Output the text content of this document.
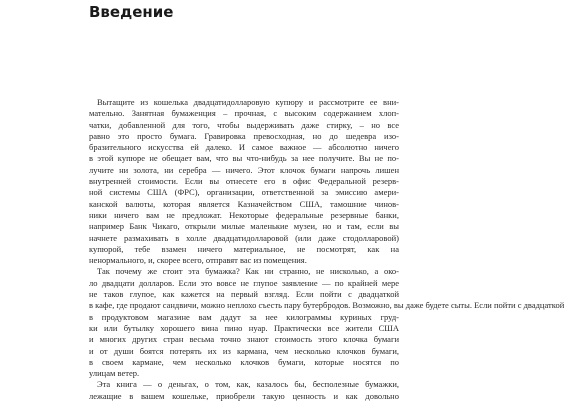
Введение
Вытащите из кошелька двадцатидолларовую купюру и рассмотрите ее вни-
мательно. Занятная бумаженция – прочная, с высоким содержанием хлоп-
чатки, добавленной для того, чтобы выдерживать даже стирку, – но все
равно это просто бумага. Гравировка превосходная, но до шедевра изо-
бразительного искусства ей далеко. И самое важное — абсолютно ничего
в этой купюре не обещает вам, что вы что-нибудь за нее получите. Вы не по-
лучите ни золота, ни серебра — ничего. Этот клочок бумаги напрочь лишен
внутренней стоимости. Если вы отнесете его в офис Федеральной резерв-
ной системы США (ФРС), организации, ответственной за эмиссию амери-
канской валюты, которая является Казначейством США, тамошние чинов-
ники ничего вам не предложат. Некоторые федеральные резервные банки,
например Банк Чикаго, открыли милые маленькие музеи, но и там, если вы
начнете размахивать в холле двадцатидолларовой (или даже стодолларовой)
купюрой, тебе взамен ничего материальное, не посмотрят, как на
ненормального, и, скорее всего, отправят вас из помещения.
Так почему же стоит эта бумажка? Как ни странно, не нисколько, а око-
ло двадцати долларов. Если это вовсе не глупое заявление — по крайней мере
не таков глупое, как кажется на первый взгляд. Если пойти с двадцаткой
в кафе, где продают сандвичи, можно неплохо съесть пару бутербродов. Возможно, вы даже будете сыты. Если пойти с двадцаткой
в продуктовом магазине вам дадут за нее килограммы куриных груд-
ки или бутылку хорошего вина пино нуар. Практически все жители США
и многих других стран весьма точно знают стоимость этого клочка бумаги
и от души боятся потерять их из кармана, чем несколько клочков бумаги,
в своем кармане, чем несколько клочков бумаги, которые носятся по
улицам ветер.
Эта книга — о деньгах, о том, как, казалось бы, бесполезные бумажки,
лежащие в вашем кошельке, приобрели такую ценность и как довольно
